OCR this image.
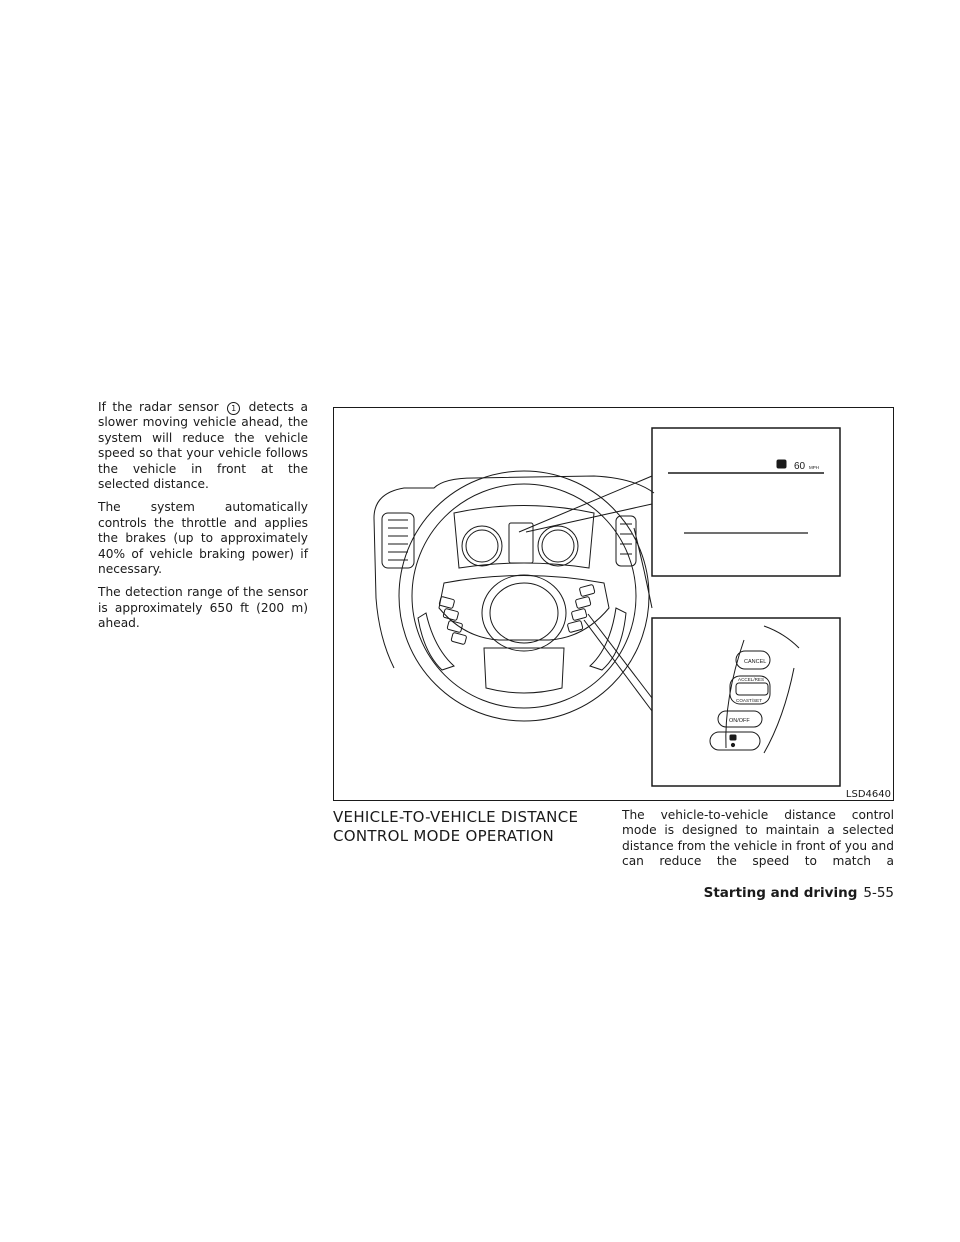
If the radar sensor 1 detects a slower moving vehicle ahead, the system will reduce the vehicle speed so that your vehicle follows the vehicle in front at the selected distance.

The system automatically controls the throttle and applies the brakes (up to approximately 40% of vehicle braking power) if necessary.

The detection range of the sensor is approximately 650 ft (200 m) ahead.

60 MPH
CANCEL
ACCEL/RES
COAST/SET
ON/OFF
LSD4640
VEHICLE-TO-VEHICLE DISTANCE
CONTROL MODE OPERATION

The vehicle-to-vehicle distance control mode is designed to maintain a selected distance from the vehicle in front of you and can reduce the speed to match a

Starting and driving 5-55
